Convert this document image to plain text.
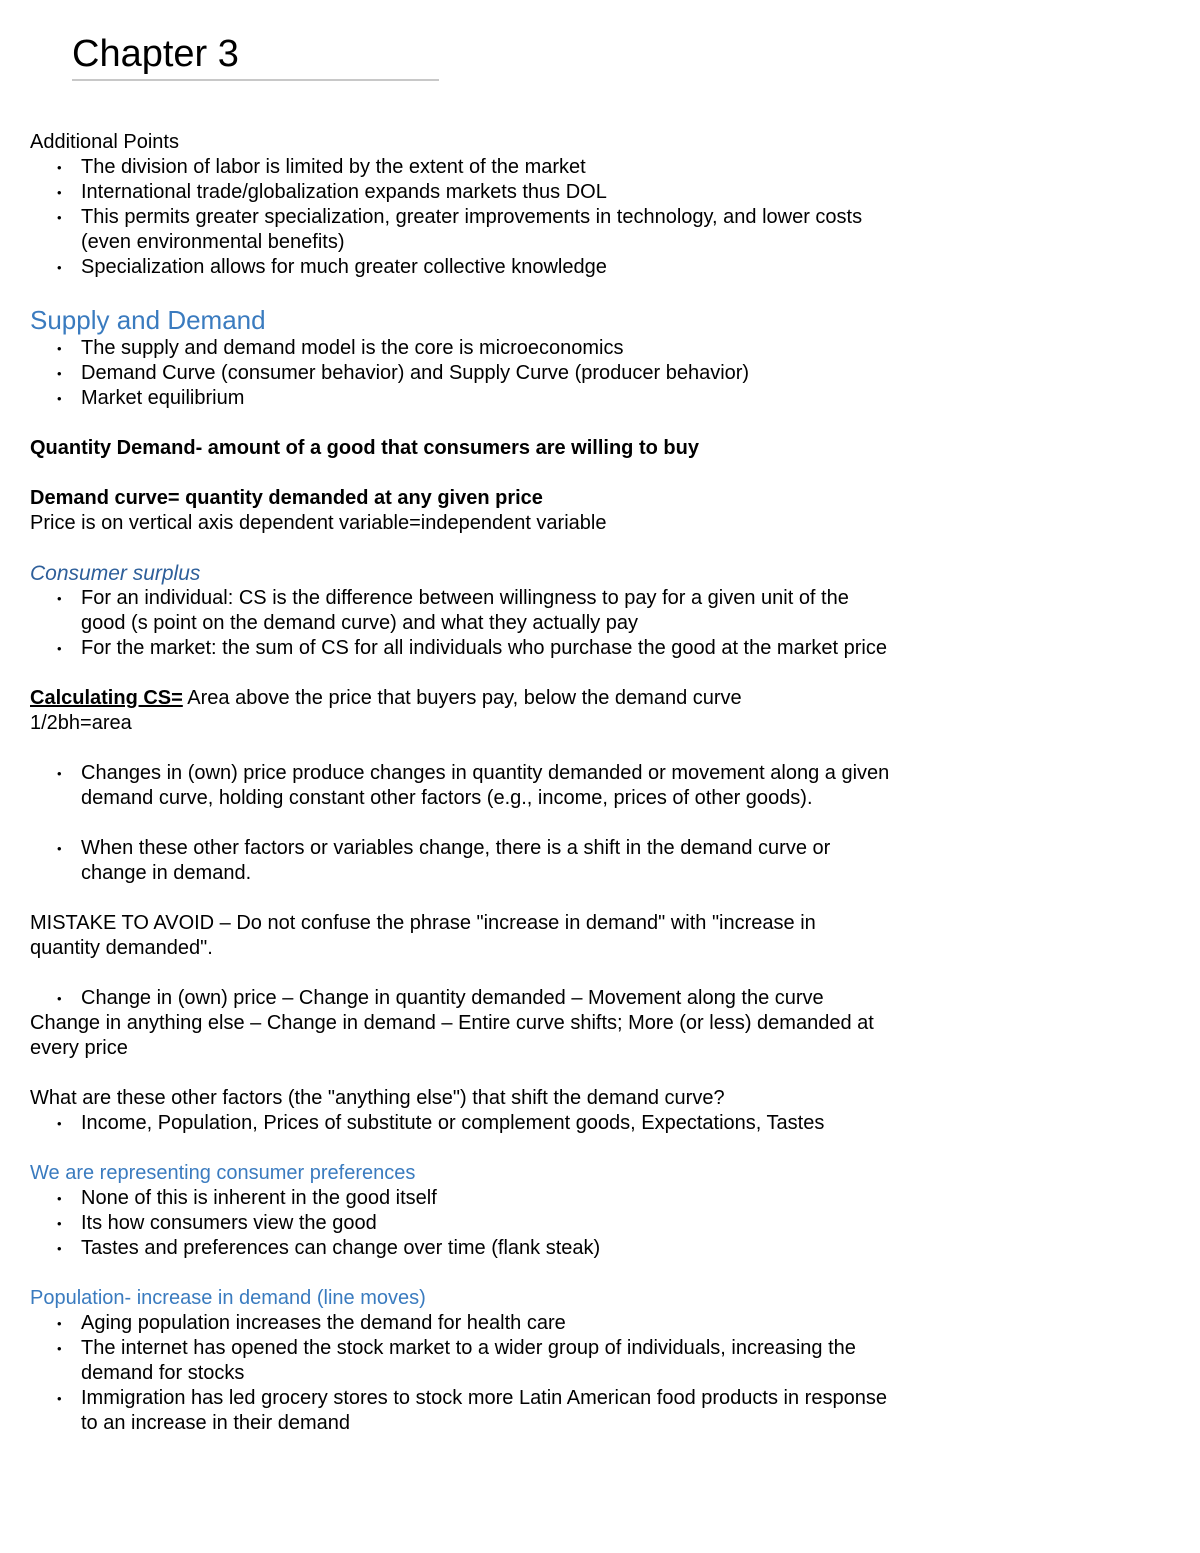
Chapter 3

Additional Points

• The division of labor is limited by the extent of the market
• International trade/globalization expands markets thus DOL
• This permits greater specialization, greater improvements in technology, and lower costs (even environmental benefits)
• Specialization allows for much greater collective knowledge

Supply and Demand

• The supply and demand model is the core is microeconomics
• Demand Curve (consumer behavior) and Supply Curve (producer behavior)
• Market equilibrium

Quantity Demand- amount of a good that consumers are willing to buy

Demand curve= quantity demanded at any given price

Price is on vertical axis dependent variable=independent variable

Consumer surplus

• For an individual: CS is the difference between willingness to pay for a given unit of the good (s point on the demand curve) and what they actually pay
• For the market: the sum of CS for all individuals who purchase the good at the market price

Calculating CS= Area above the price that buyers pay, below the demand curve

1/2bh=area

• Changes in (own) price produce changes in quantity demanded or movement along a given demand curve, holding constant other factors (e.g., income, prices of other goods).
• When these other factors or variables change, there is a shift in the demand curve or change in demand.

MISTAKE TO AVOID – Do not confuse the phrase "increase in demand" with "increase in quantity demanded".

• Change in (own) price – Change in quantity demanded – Movement along the curve

Change in anything else – Change in demand – Entire curve shifts; More (or less) demanded at every price

What are these other factors (the "anything else") that shift the demand curve?

• Income, Population, Prices of substitute or complement goods, Expectations, Tastes

We are representing consumer preferences

• None of this is inherent in the good itself
• Its how consumers view the good
• Tastes and preferences can change over time (flank steak)

Population- increase in demand (line moves)

• Aging population increases the demand for health care
• The internet has opened the stock market to a wider group of individuals, increasing the demand for stocks
• Immigration has led grocery stores to stock more Latin American food products in response to an increase in their demand
